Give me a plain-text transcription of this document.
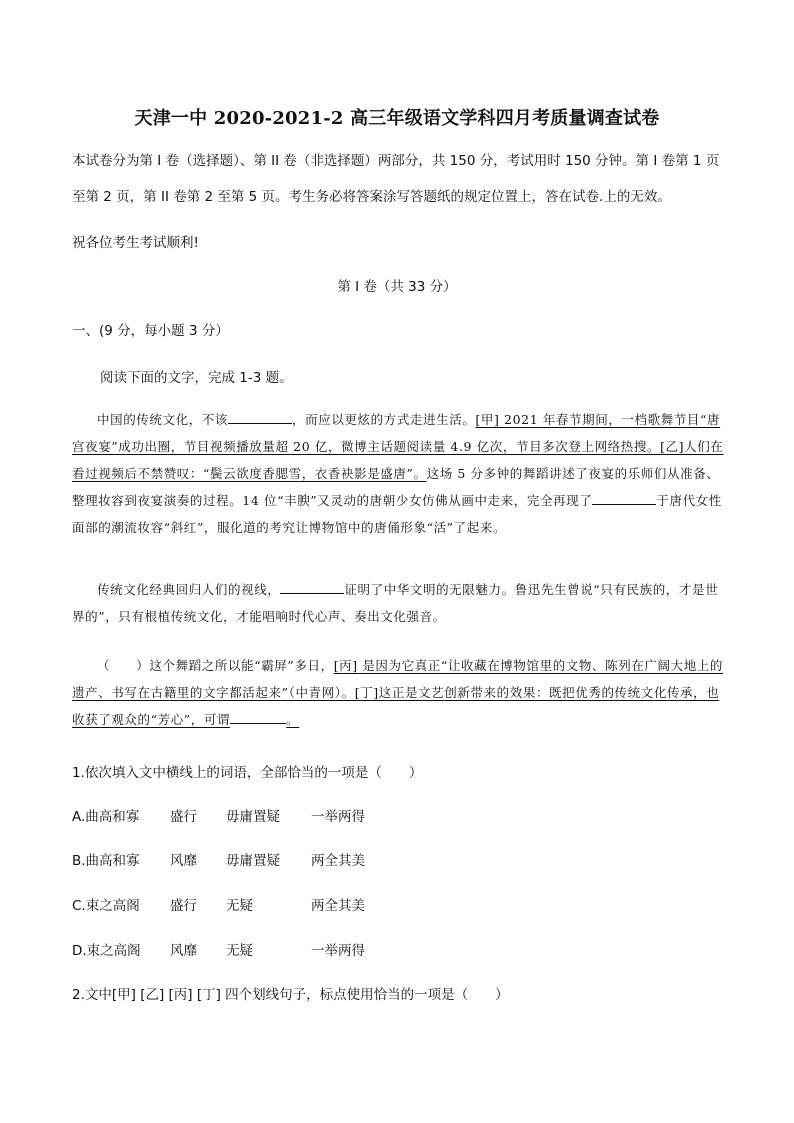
天津一中 2020-2021-2 高三年级语文学科四月考质量调查试卷
本试卷分为第 I 卷（选择题）、第 II 卷（非选择题）两部分，共 150 分，考试用时 150 分钟。第 I 卷第 1 页
至第 2 页，第 II 卷第 2 至第 5 页。考生务必将答案涂写答题纸的规定位置上，答在试卷.上的无效。
祝各位考生考试顺利!
第 I 卷（共 33 分）
一、(9 分，每小题 3 分）
阅读下面的文字，完成 1-3 题。
中国的传统文化，不该	，而应以更炫的方式走进生活。[甲] 2021 年春节期间，一档歌舞节目“唐宫夜宴”成功出圈，节目视频播放量超 20 亿，微博主话题阅读量 4.9 亿次，节目多次登上网络热搜。[乙]人们在看过视频后不禁赞叹：“鬓云欲度香腮雪，衣香袂影是盛唐”。这场 5 分多钟的舞蹈讲述了夜宴的乐师们从准备、整理妆容到夜宴演奏的过程。14 位“丰腴”又灵动的唐朝少女仿佛从画中走来，完全再现了	于唐代女性面部的潮流妆容“斜红”，服化道的考究让博物馆中的唐俑形象“活”了起来。
传统文化经典回归人们的视线，	证明了中华文明的无限魅力。鲁迅先生曾说“只有民族的，才是世界的”，只有根植传统文化，才能唱响时代心声、奏出文化强音。
（　　）这个舞蹈之所以能“霸屏”多日，[丙] 是因为它真正“让收藏在博物馆里的文物、陈列在广阔大地上的遗产、书写在古籍里的文字都活起来”（中青网）。[丁]这正是文艺创新带来的效果：既把优秀的传统文化传承，也收获了观众的“芳心”，可谓	。
1.依次填入文中横线上的词语，全部恰当的一项是（　　）
A.曲高和寡 盛行 毋庸置疑 一举两得
B.曲高和寡 风靡 毋庸置疑 两全其美
C.束之高阁 盛行 无疑	两全其美
D.束之高阁 风靡 无疑	一举两得
2.文中[甲] [乙] [丙] [丁] 四个划线句子，标点使用恰当的一项是（　　）
